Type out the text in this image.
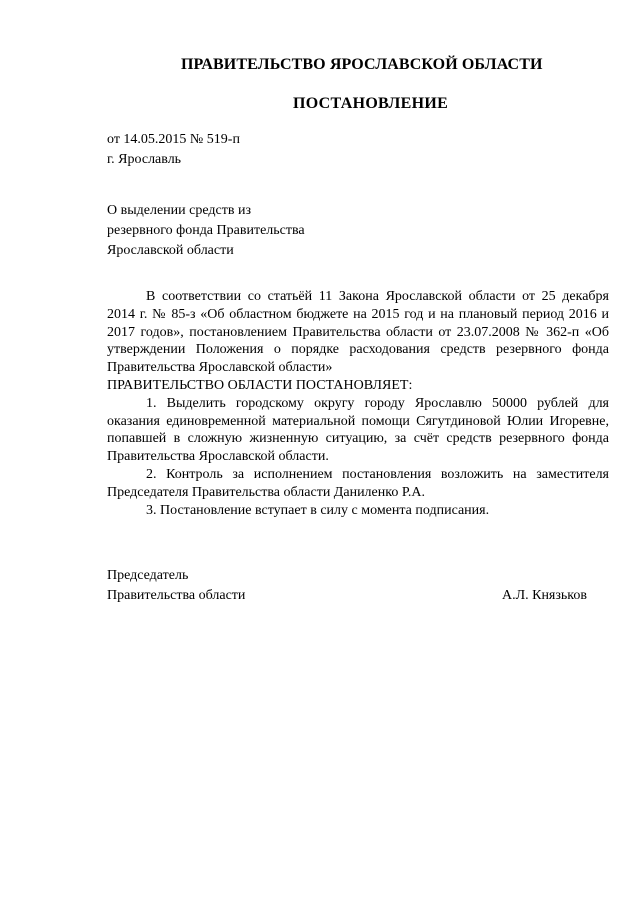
ПРАВИТЕЛЬСТВО ЯРОСЛАВСКОЙ ОБЛАСТИ
ПОСТАНОВЛЕНИЕ
от 14.05.2015 № 519-п
г. Ярославль
О выделении средств из
резервного фонда Правительства
Ярославской области

В соответствии со статьёй 11 Закона Ярославской области от 25 декабря 2014 г. № 85-з «Об областном бюджете на 2015 год и на плановый период 2016 и 2017 годов», постановлением Правительства области от 23.07.2008 № 362-п «Об утверждении Положения о порядке расходования средств резервного фонда Правительства Ярославской области»

ПРАВИТЕЛЬСТВО ОБЛАСТИ ПОСТАНОВЛЯЕТ:

1. Выделить городскому округу городу Ярославлю 50000 рублей для оказания единовременной материальной помощи Сягутдиновой Юлии Игоревне, попавшей в сложную жизненную ситуацию, за счёт средств резервного фонда Правительства Ярославской области.

2. Контроль за исполнением постановления возложить на заместителя Председателя Правительства области Даниленко Р.А.

3. Постановление вступает в силу с момента подписания.

Председатель
Правительства области	А.Л. Князьков
